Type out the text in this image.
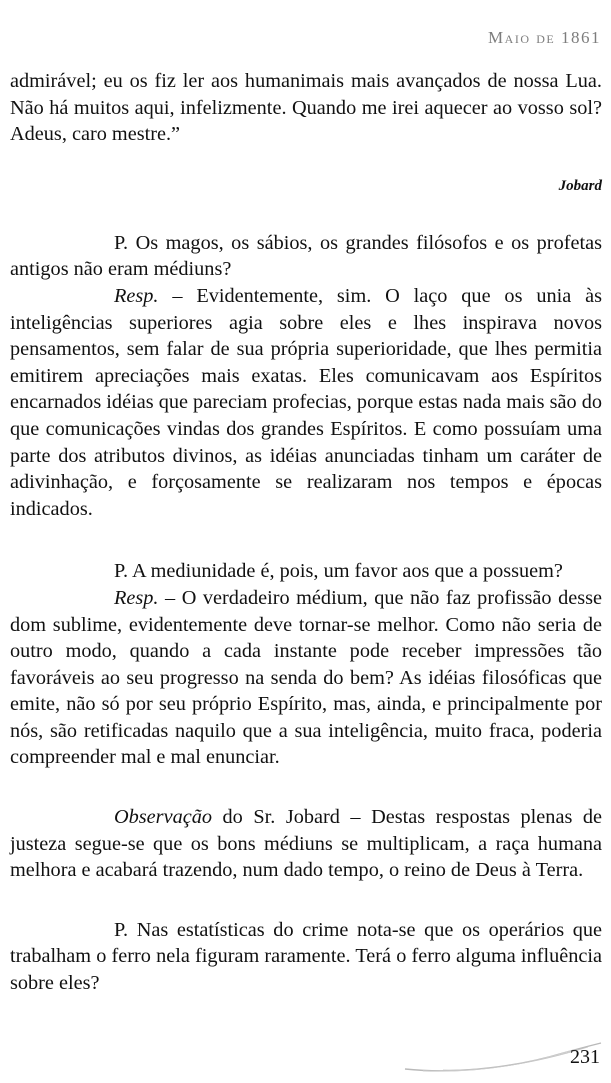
Maio de 1861

admirável; eu os fiz ler aos humanimais mais avançados de nossa Lua. Não há muitos aqui, infelizmente. Quando me irei aquecer ao vosso sol? Adeus, caro mestre.”

Jobard

P. Os magos, os sábios, os grandes filósofos e os profetas antigos não eram médiuns?

Resp. – Evidentemente, sim. O laço que os unia às inteligências superiores agia sobre eles e lhes inspirava novos pensamentos, sem falar de sua própria superioridade, que lhes permitia emitirem apreciações mais exatas. Eles comunicavam aos Espíritos encarnados idéias que pareciam profecias, porque estas nada mais são do que comunicações vindas dos grandes Espíritos. E como possuíam uma parte dos atributos divinos, as idéias anunciadas tinham um caráter de adivinhação, e forçosamente se realizaram nos tempos e épocas indicados.

P. A mediunidade é, pois, um favor aos que a possuem?

Resp. – O verdadeiro médium, que não faz profissão desse dom sublime, evidentemente deve tornar-se melhor. Como não seria de outro modo, quando a cada instante pode receber impressões tão favoráveis ao seu progresso na senda do bem? As idéias filosóficas que emite, não só por seu próprio Espírito, mas, ainda, e principalmente por nós, são retificadas naquilo que a sua inteligência, muito fraca, poderia compreender mal e mal enunciar.

Observação do Sr. Jobard – Destas respostas plenas de justeza segue-se que os bons médiuns se multiplicam, a raça humana melhora e acabará trazendo, num dado tempo, o reino de Deus à Terra.

P. Nas estatísticas do crime nota-se que os operários que trabalham o ferro nela figuram raramente. Terá o ferro alguma influência sobre eles?

231
